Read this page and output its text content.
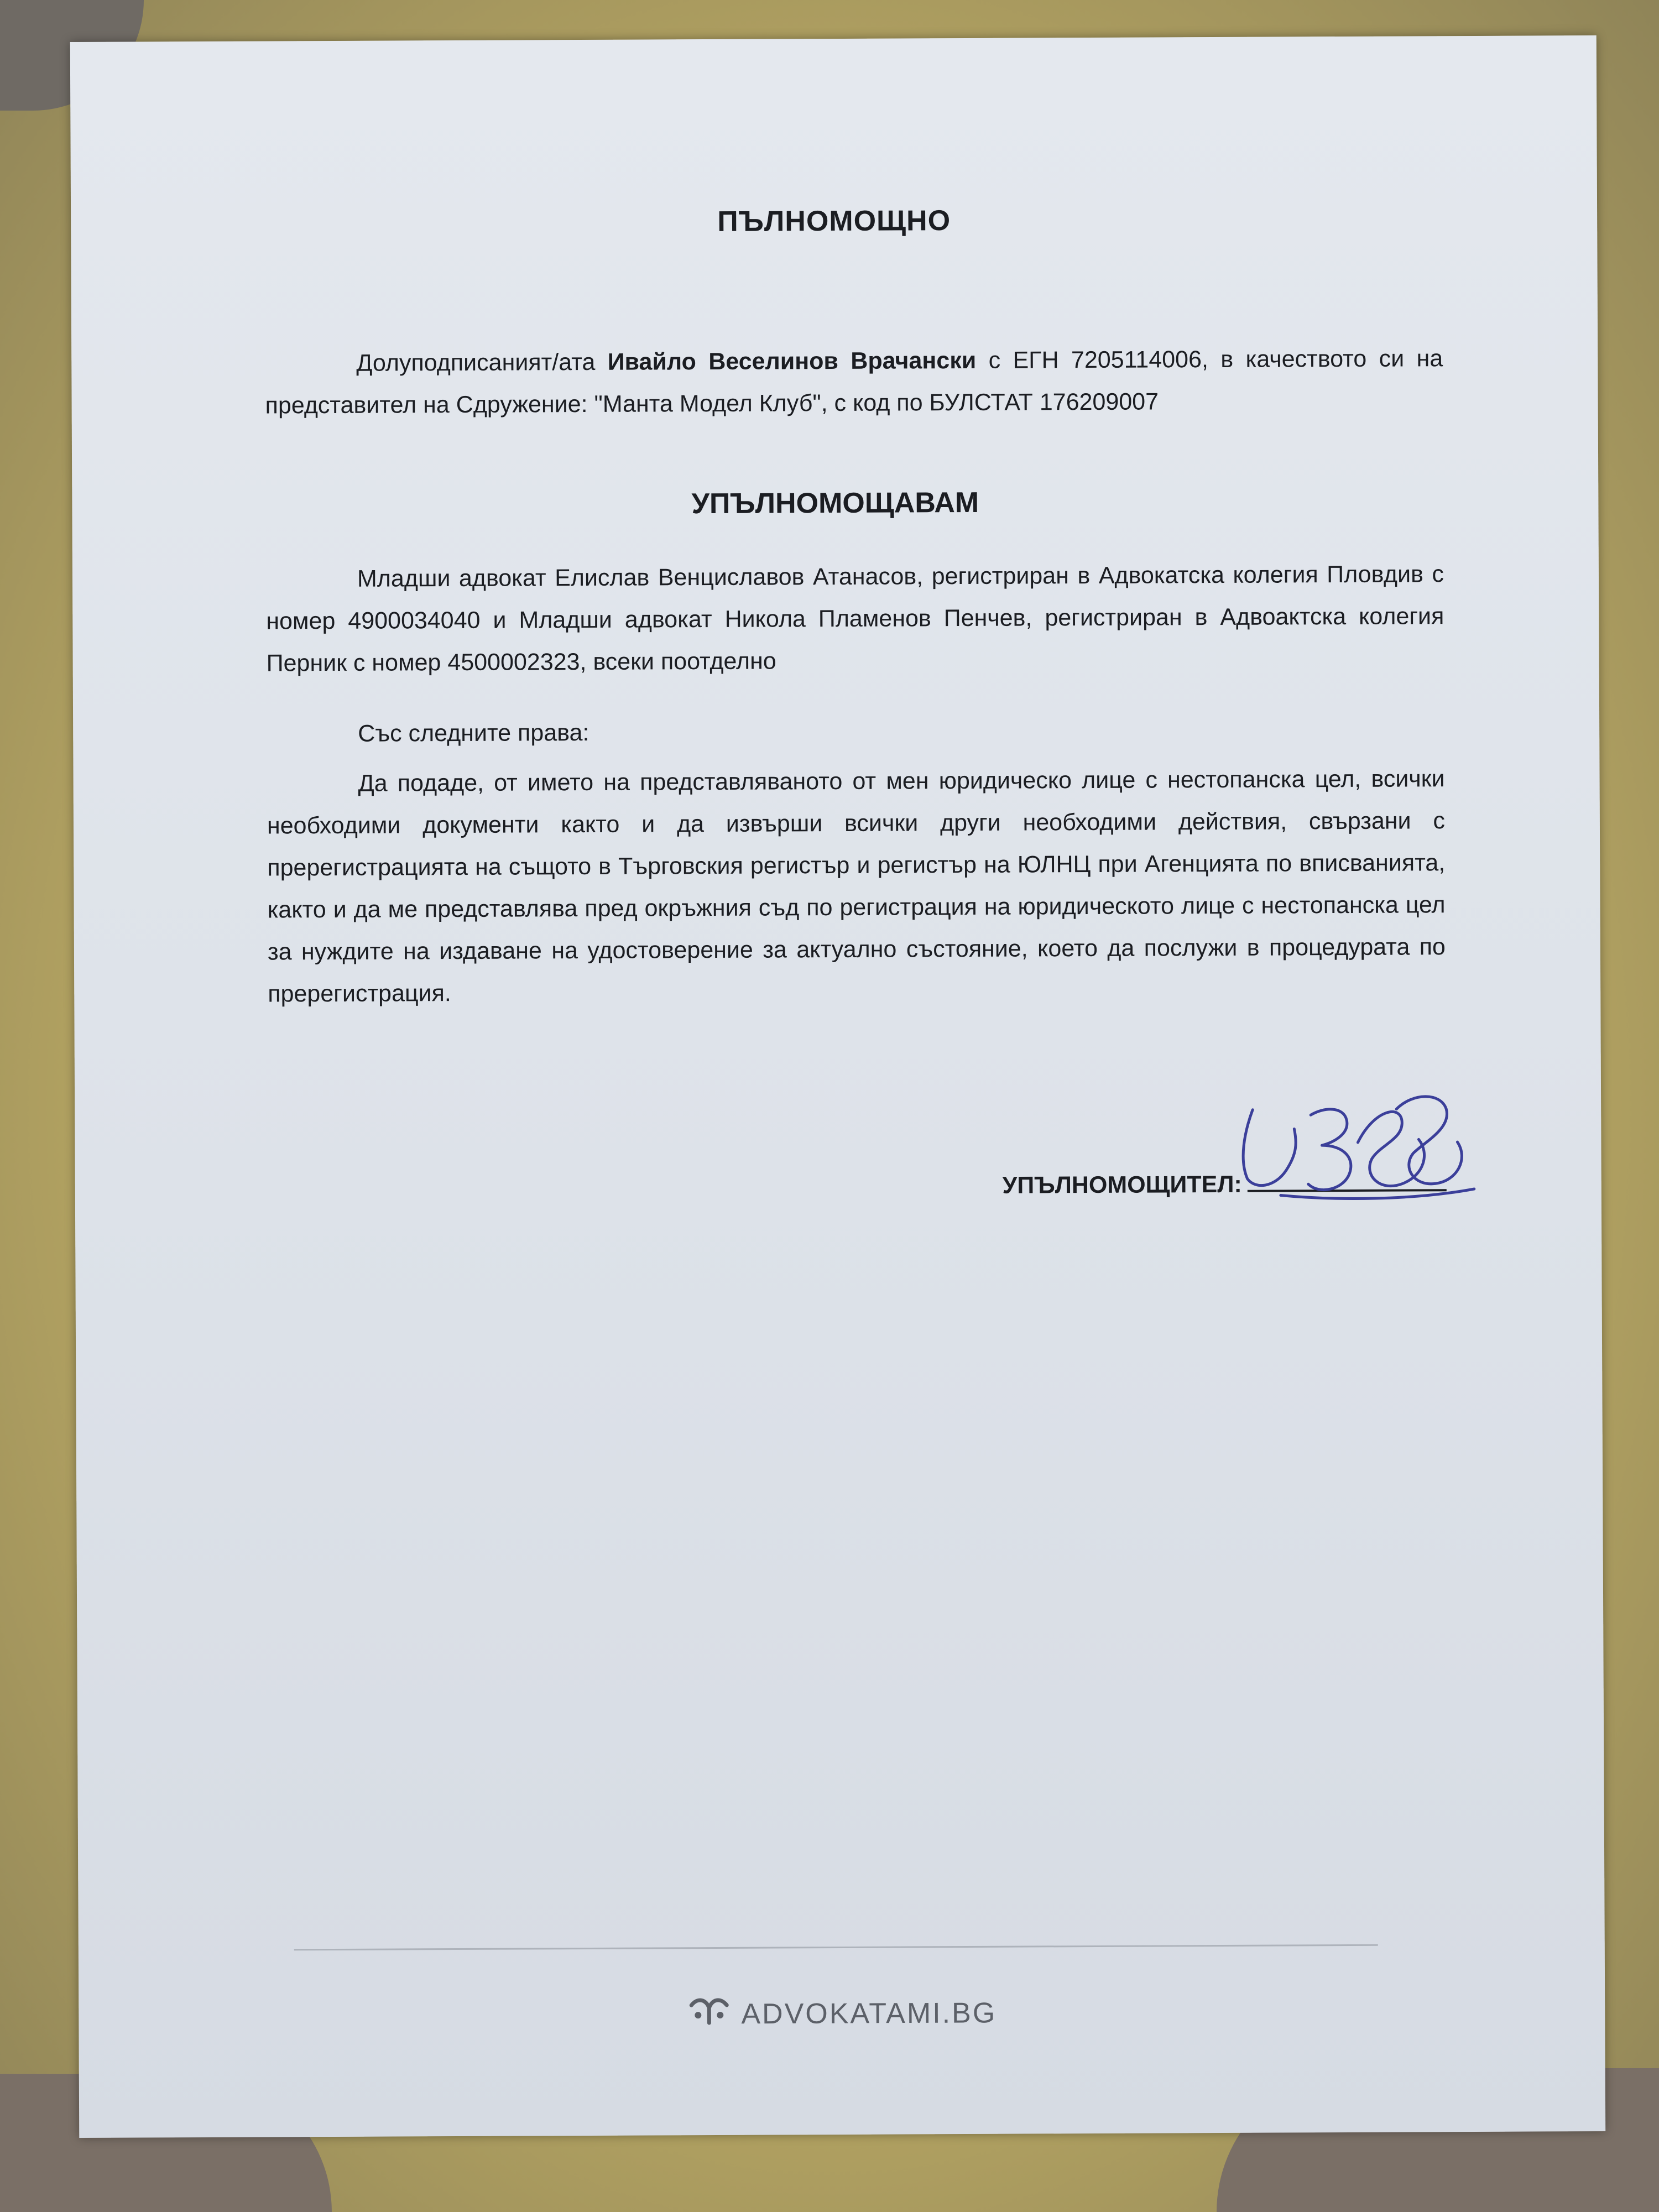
ПЪЛНОМОЩНО
Долуподписаният/ата Ивайло Веселинов Врачански с ЕГН 7205114006, в качеството си на представител на Сдружение: "Манта Модел Клуб", с код по БУЛСТАТ 176209007
УПЪЛНОМОЩАВАМ
Младши адвокат Елислав Венциславов Атанасов, регистриран в Адвокатска колегия Пловдив с номер 4900034040 и Младши адвокат Никола Пламенов Пенчев, регистриран в Адвоактска колегия Перник с номер 4500002323, всеки поотделно
Със следните права:
Да подаде, от името на представляваното от мен юридическо лице с нестопанска цел, всички необходими документи както и да извърши всички други необходими действия, свързани с пререгистрацията на същото в Търговския регистър и регистър на ЮЛНЦ при Агенцията по вписванията, както и да ме представлява пред окръжния съд по регистрация на юридическото лице с нестопанска цел за нуждите на издаване на удостоверение за актуално състояние, което да послужи в процедурата по пререгистрация.
УПЪЛНОМОЩИТЕЛ:
ADVOKATAMI.BG
